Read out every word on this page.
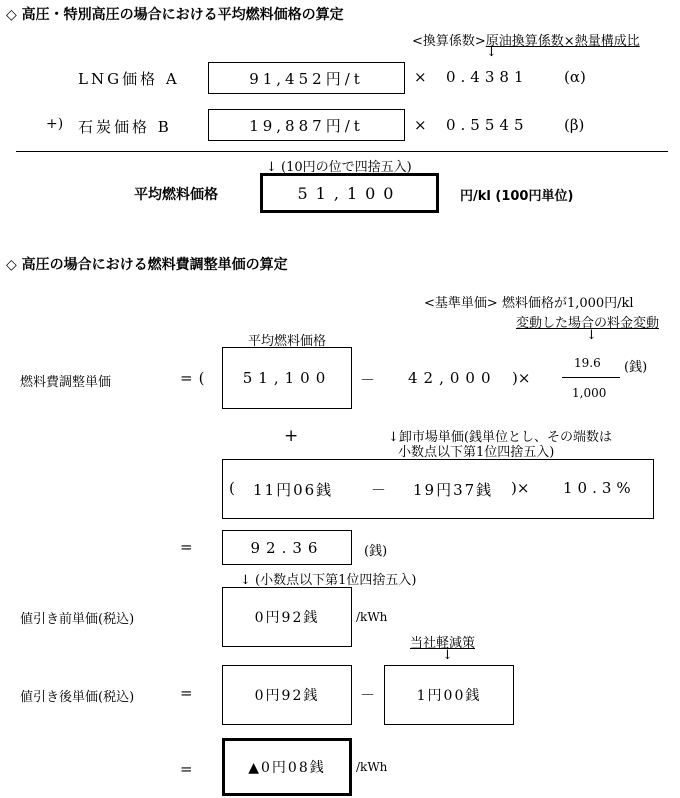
◇ 高圧・特別高圧の場合における平均燃料価格の算定
<換算係数>原油換算係数×熱量構成比
↓
LNG価格 A	91,452円/t	× 0.4381 (α)
+) 石炭価格 B	19,887円/t	× 0.5545 (β)
↓ (10円の位で四捨五入)
平均燃料価格	51,100	円/kl (100円単位)
◇ 高圧の場合における燃料費調整単価の算定
<基準単価> 燃料価格が1,000円/kl
変動した場合の料金変動
↓
平均燃料価格
燃料費調整単価	=( 51,100 － 42,000 )×
19.6
1,000
(銭)
+	↓卸市場単価(銭単位とし、その端数は
小数点以下第1位四捨五入)
( 11円06銭	－ 19円37銭 )× 10.3%
=	92.36	(銭)
↓ (小数点以下第1位四捨五入)
値引き前単価(税込)	0円92銭	/kWh
当社軽減策
↓
値引き後単価(税込)	=	0円92銭	－	1円00銭
=	▲0円08銭	/kWh
